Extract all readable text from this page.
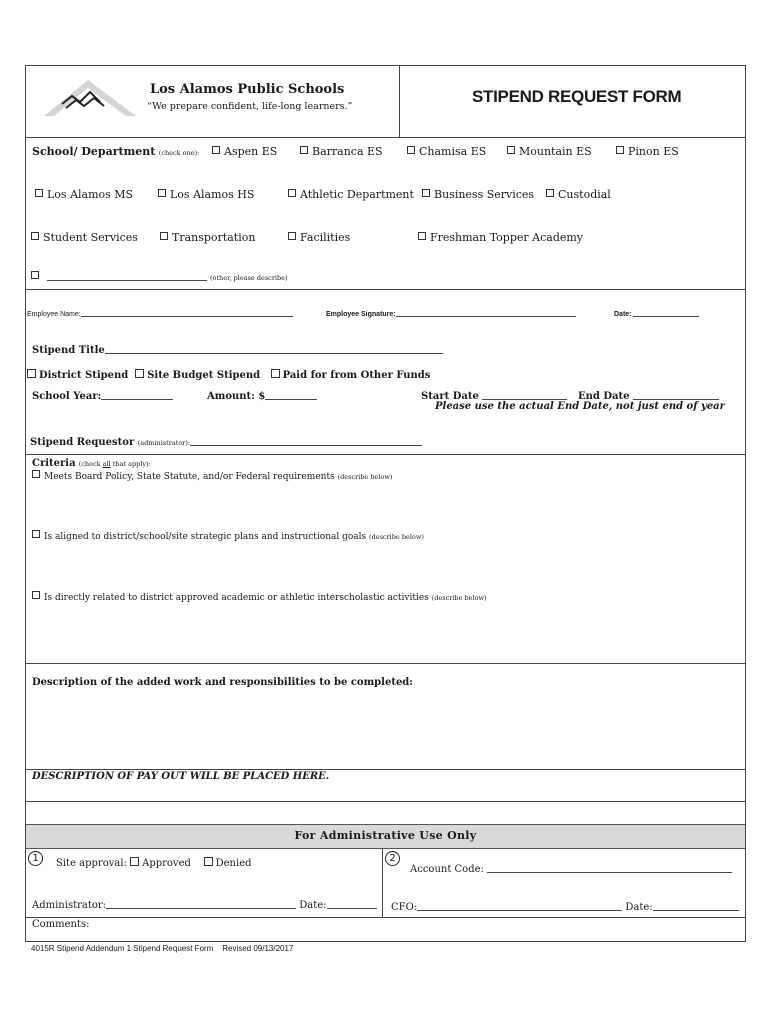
Los Alamos Public Schools
“We prepare confident, life-long learners.”
STIPEND REQUEST FORM
School/ Department (check one):	Aspen ES	Barranca ES	Chamisa ES	Mountain ES	Pinon ES
Los Alamos MS	Los Alamos HS	Athletic Department	Business Services	Custodial
Student Services	Transportation	Facilities	Freshman Topper Academy
(other, please describe)
Employee Name:	Employee Signature:	Date:
Stipend Title
District Stipend Site Budget Stipend Paid for from Other Funds
School Year:	Amount: $	Start Date	End Date
Please use the actual End Date, not just end of year
Stipend Requestor (administrator):
Criteria (check all that apply):
Meets Board Policy, State Statute, and/or Federal requirements (describe below)
Is aligned to district/school/site strategic plans and instructional goals (describe below)
Is directly related to district approved academic or athletic interscholastic activities (describe below)
Description of the added work and responsibilities to be completed:
DESCRIPTION OF PAY OUT WILL BE PLACED HERE.
For Administrative Use Only
1	2
Site approval: Approved Denied
Account Code:
Administrator:	Date:	CFO:	Date:
Comments:
4015R Stipend Addendum 1 Stipend Request Form    Revised 09/13/2017
